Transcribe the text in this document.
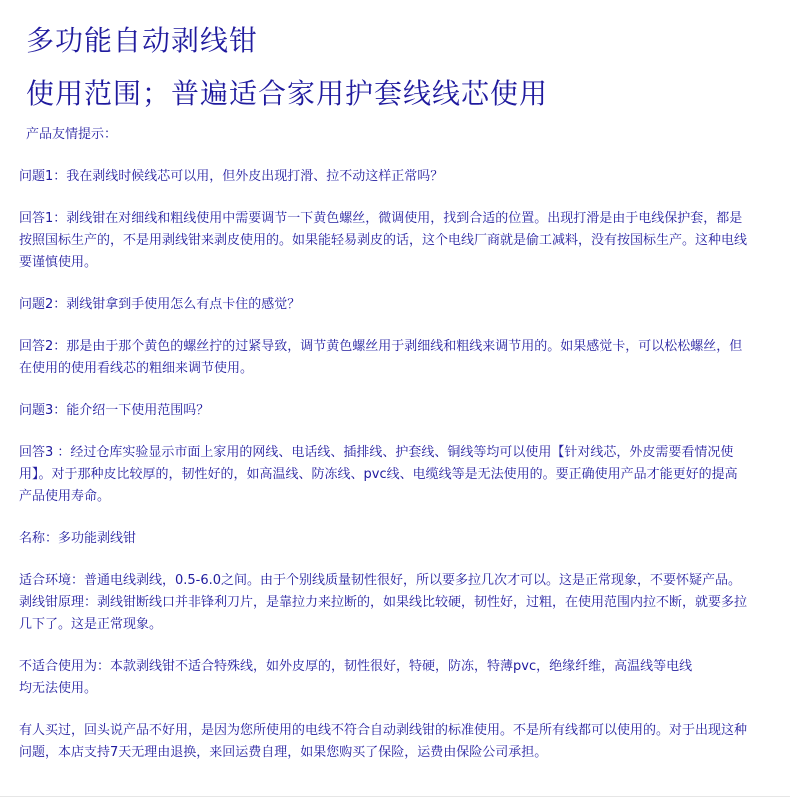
多功能自动剥线钳
使用范围；普遍适合家用护套线线芯使用
产品友情提示：

问题1：我在剥线时候线芯可以用，但外皮出现打滑、拉不动这样正常吗？

回答1：剥线钳在对细线和粗线使用中需要调节一下黄色螺丝，微调使用，找到合适的位置。出现打滑是由于电线保护套，都是按照国标生产的，不是用剥线钳来剥皮使用的。如果能轻易剥皮的话，这个电线厂商就是偷工减料，没有按国标生产。这种电线要谨慎使用。

问题2：剥线钳拿到手使用怎么有点卡住的感觉？

回答2：那是由于那个黄色的螺丝拧的过紧导致，调节黄色螺丝用于剥细线和粗线来调节用的。如果感觉卡，可以松松螺丝，但在使用的使用看线芯的粗细来调节使用。

问题3：能介绍一下使用范围吗？

回答3 ：经过仓库实验显示市面上家用的网线、电话线、插排线、护套线、铜线等均可以使用【针对线芯，外皮需要看情况使用】。对于那种皮比较厚的，韧性好的，如高温线、防冻线、pvc线、电缆线等是无法使用的。要正确使用产品才能更好的提高产品使用寿命。

名称：多功能剥线钳

适合环境：普通电线剥线，0.5-6.0之间。由于个别线质量韧性很好，所以要多拉几次才可以。这是正常现象，不要怀疑产品。

剥线钳原理：剥线钳断线口并非锋利刀片，是靠拉力来拉断的，如果线比较硬，韧性好，过粗，在使用范围内拉不断，就要多拉几下了。这是正常现象。

不适合使用为：本款剥线钳不适合特殊线，如外皮厚的，韧性很好，特硬，防冻，特薄pvc，绝缘纤维，高温线等电线

均无法使用。

有人买过，回头说产品不好用，是因为您所使用的电线不符合自动剥线钳的标准使用。不是所有线都可以使用的。对于出现这种问题，本店支持7天无理由退换，来回运费自理，如果您购买了保险，运费由保险公司承担。
